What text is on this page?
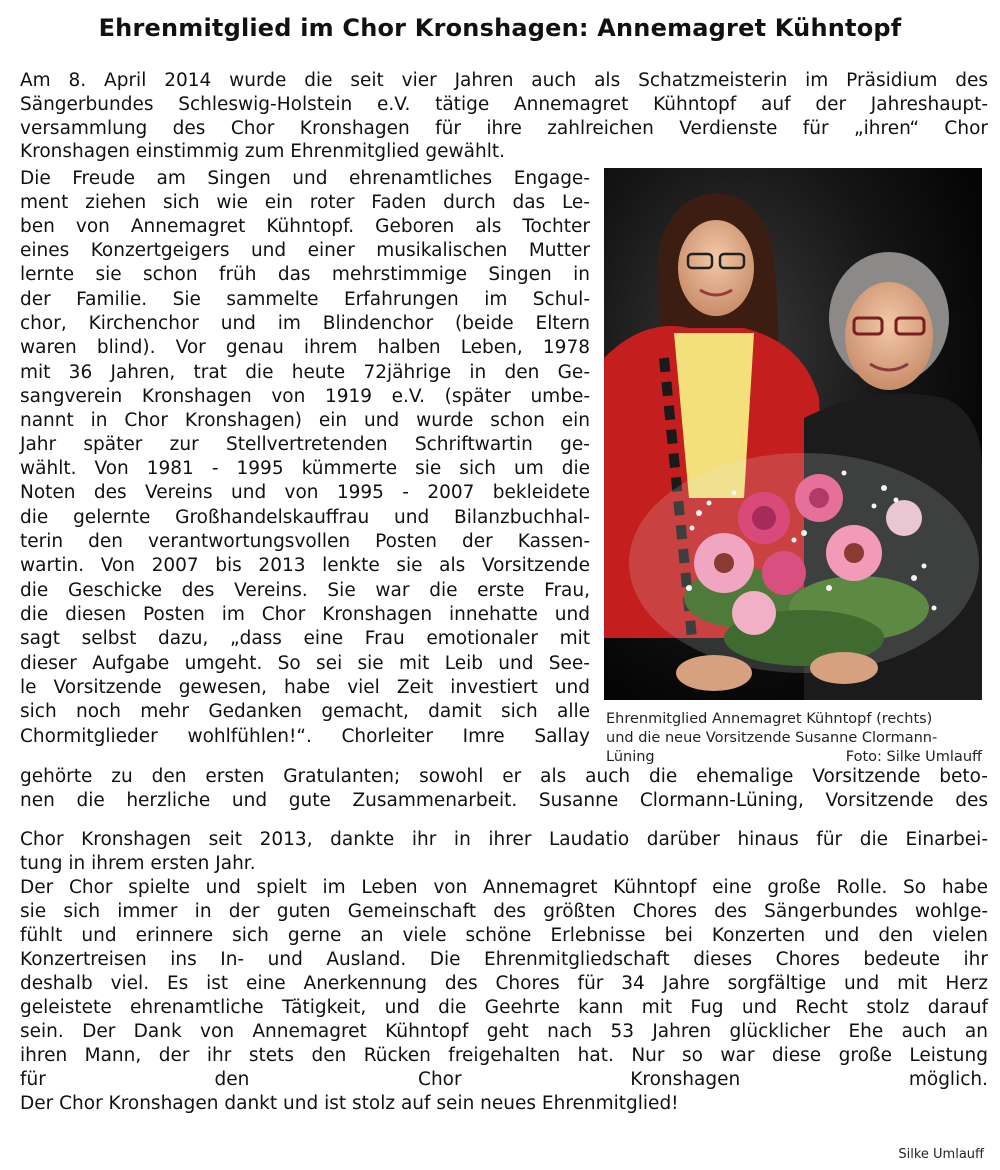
Ehrenmitglied im Chor Kronshagen: Annemagret Kühntopf
Am 8. April 2014 wurde die seit vier Jahren auch als Schatzmeisterin im Präsidium des
Sängerbundes Schleswig-Holstein e.V. tätige Annemagret Kühntopf auf der Jahreshaupt-
versammlung des Chor Kronshagen für ihre zahlreichen Verdienste für „ihren“ Chor
Kronshagen einstimmig zum Ehrenmitglied gewählt.
Die Freude am Singen und ehrenamtliches Engage-
ment ziehen sich wie ein roter Faden durch das Le-
ben von Annemagret Kühntopf. Geboren als Tochter
eines Konzertgeigers und einer musikalischen Mutter
lernte sie schon früh das mehrstimmige Singen in
der Familie. Sie sammelte Erfahrungen im Schul-
chor, Kirchenchor und im Blindenchor (beide Eltern
waren blind). Vor genau ihrem halben Leben, 1978
mit 36 Jahren, trat die heute 72jährige in den Ge-
sangverein Kronshagen von 1919 e.V. (später umbe-
nannt in Chor Kronshagen) ein und wurde schon ein
Jahr später zur Stellvertretenden Schriftwartin ge-
wählt. Von 1981 - 1995 kümmerte sie sich um die
Noten des Vereins und von 1995 - 2007 bekleidete
die gelernte Großhandelskauffrau und Bilanzbuchhal-
terin den verantwortungsvollen Posten der Kassen-
wartin. Von 2007 bis 2013 lenkte sie als Vorsitzende
die Geschicke des Vereins. Sie war die erste Frau,
die diesen Posten im Chor Kronshagen innehatte und
sagt selbst dazu, „dass eine Frau emotionaler mit
dieser Aufgabe umgeht. So sei sie mit Leib und See-
le Vorsitzende gewesen, habe viel Zeit investiert und
sich noch mehr Gedanken gemacht, damit sich alle
Chormitglieder wohlfühlen!“. Chorleiter Imre Sallay
gehörte zu den ersten Gratulanten; sowohl er als auch die ehemalige Vorsitzende beto-
nen die herzliche und gute Zusammenarbeit. Susanne Clormann-Lüning, Vorsitzende des
Chor Kronshagen seit 2013, dankte ihr in ihrer Laudatio darüber hinaus für die Einarbei-
tung in ihrem ersten Jahr.
Der Chor spielte und spielt im Leben von Annemagret Kühntopf eine große Rolle. So habe
sie sich immer in der guten Gemeinschaft des größten Chores des Sängerbundes wohlge-
fühlt und erinnere sich gerne an viele schöne Erlebnisse bei Konzerten und den vielen
Konzertreisen ins In- und Ausland. Die Ehrenmitgliedschaft dieses Chores bedeute ihr
deshalb viel. Es ist eine Anerkennung des Chores für 34 Jahre sorgfältige und mit Herz
geleistete ehrenamtliche Tätigkeit, und die Geehrte kann mit Fug und Recht stolz darauf
sein. Der Dank von Annemagret Kühntopf geht nach 53 Jahren glücklicher Ehe auch an
ihren Mann, der ihr stets den Rücken freigehalten hat. Nur so war diese große Leistung
für den Chor Kronshagen möglich.
Der Chor Kronshagen dankt und ist stolz auf sein neues Ehrenmitglied!
Ehrenmitglied Annemagret Kühntopf (rechts)
und die neue Vorsitzende Susanne Clormann-
Lüning	Foto: Silke Umlauff
Silke Umlauff
